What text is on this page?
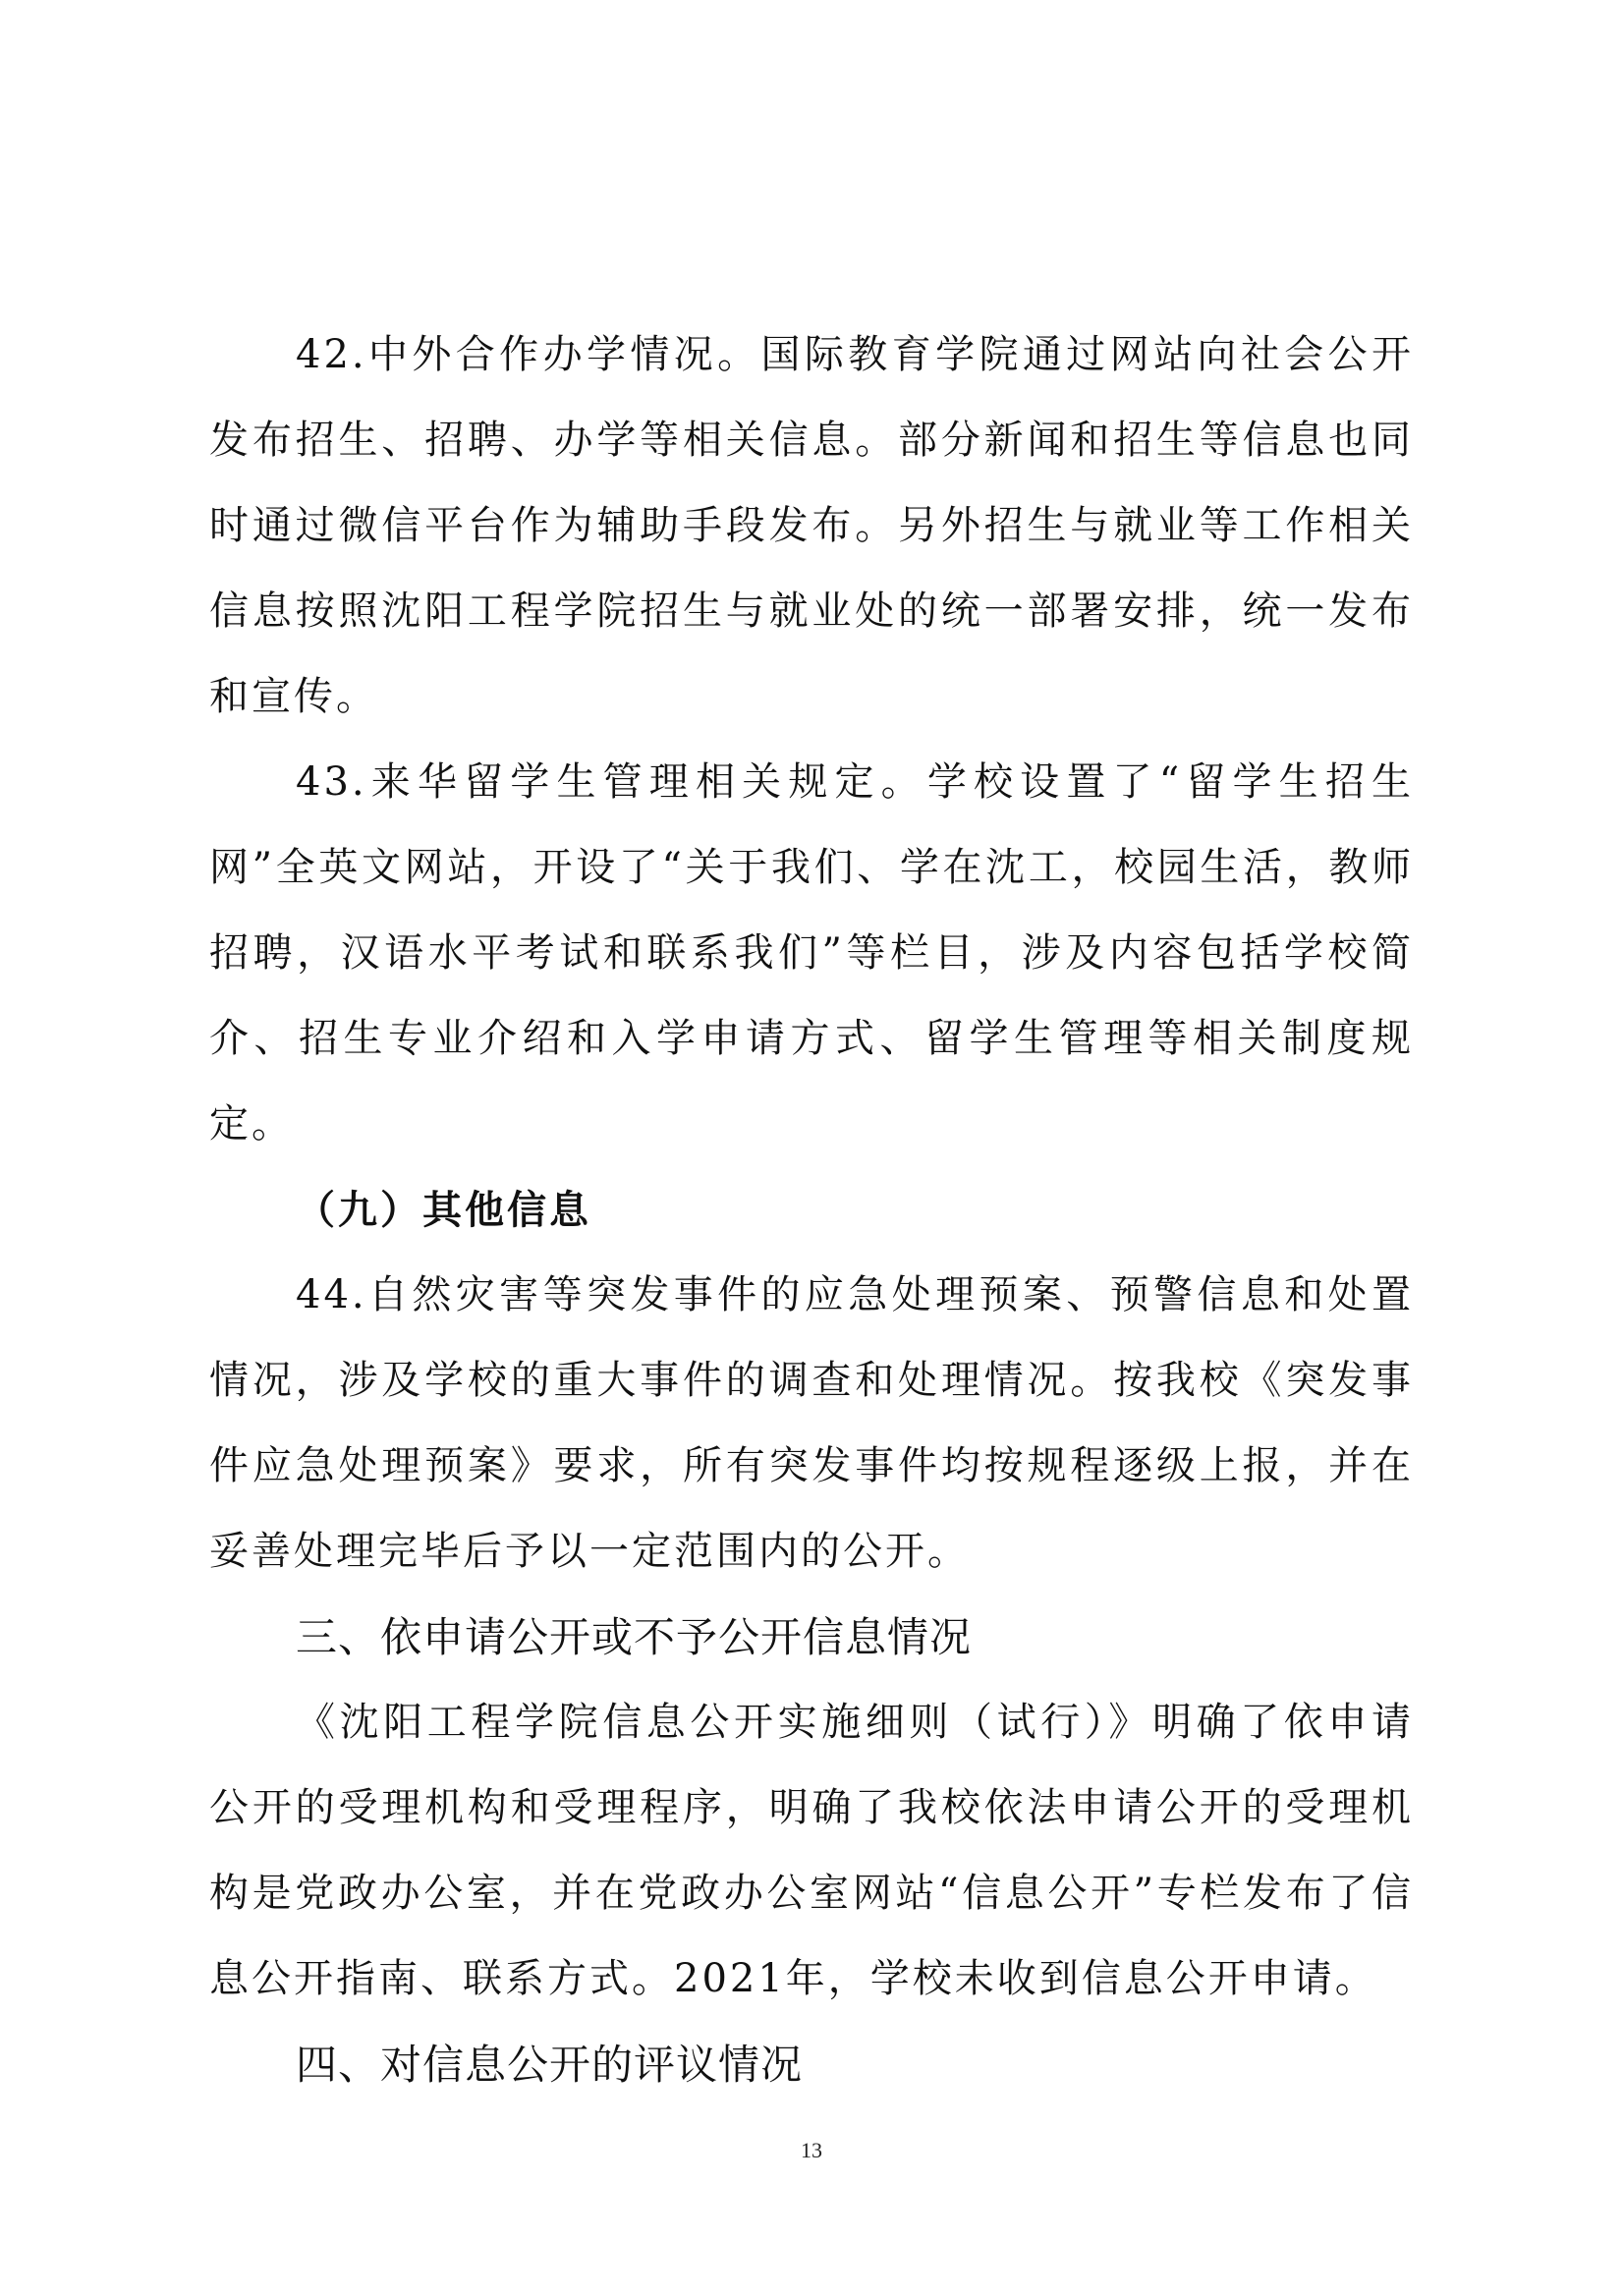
42.中外合作办学情况。国际教育学院通过网站向社会公开发布招生、招聘、办学等相关信息。部分新闻和招生等信息也同时通过微信平台作为辅助手段发布。另外招生与就业等工作相关信息按照沈阳工程学院招生与就业处的统一部署安排，统一发布和宣传。

43.来华留学生管理相关规定。学校设置了“留学生招生网”全英文网站，开设了“关于我们、学在沈工，校园生活，教师招聘，汉语水平考试和联系我们”等栏目，涉及内容包括学校简介、招生专业介绍和入学申请方式、留学生管理等相关制度规定。

（九）其他信息

44.自然灾害等突发事件的应急处理预案、预警信息和处置情况，涉及学校的重大事件的调查和处理情况。按我校《突发事件应急处理预案》要求，所有突发事件均按规程逐级上报，并在妥善处理完毕后予以一定范围内的公开。

三、依申请公开或不予公开信息情况

《沈阳工程学院信息公开实施细则（试行）》明确了依申请公开的受理机构和受理程序，明确了我校依法申请公开的受理机构是党政办公室，并在党政办公室网站“信息公开”专栏发布了信息公开指南、联系方式。2021年，学校未收到信息公开申请。

四、对信息公开的评议情况

13
